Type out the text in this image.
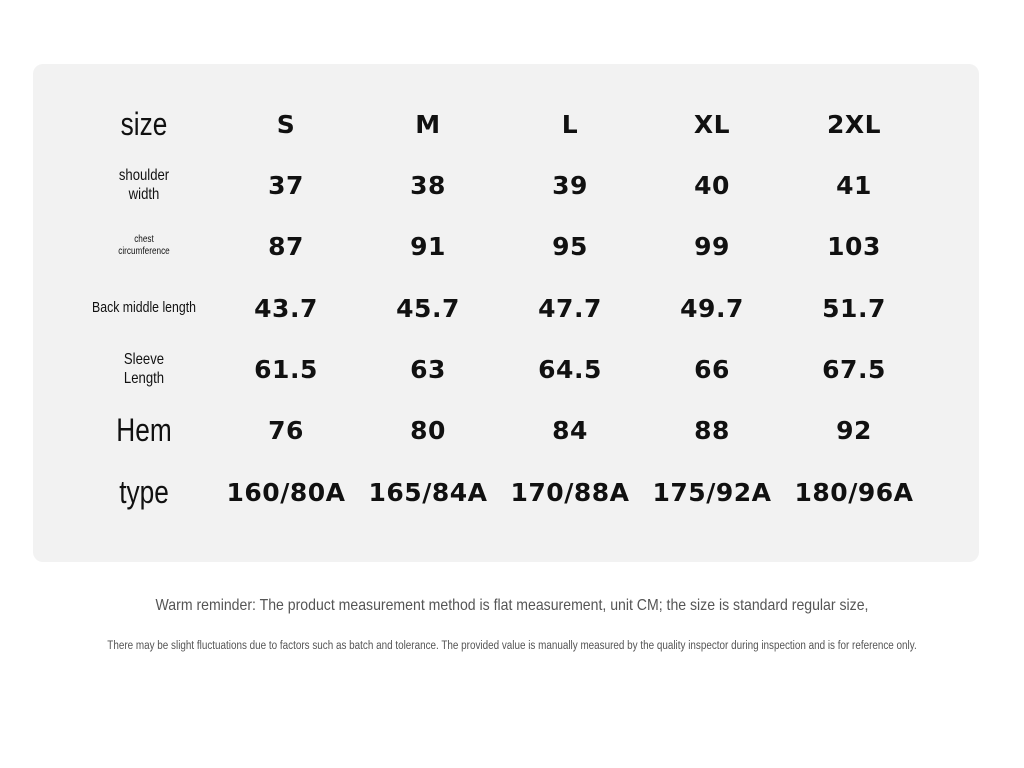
size	S	M	L	XL	2XL
shoulder
width	37	38	39	40	41
chest
circumference	87	91	95	99	103
Back middle length	43.7	45.7	47.7	49.7	51.7
Sleeve
Length	61.5	63	64.5	66	67.5
Hem	76	80	84	88	92
type	160/80A 165/84A 170/88A 175/92A 180/96A
Warm reminder: The product measurement method is flat measurement, unit CM; the size is standard regular size,
There may be slight fluctuations due to factors such as batch and tolerance. The provided value is manually measured by the quality inspector during inspection and is for reference only.
